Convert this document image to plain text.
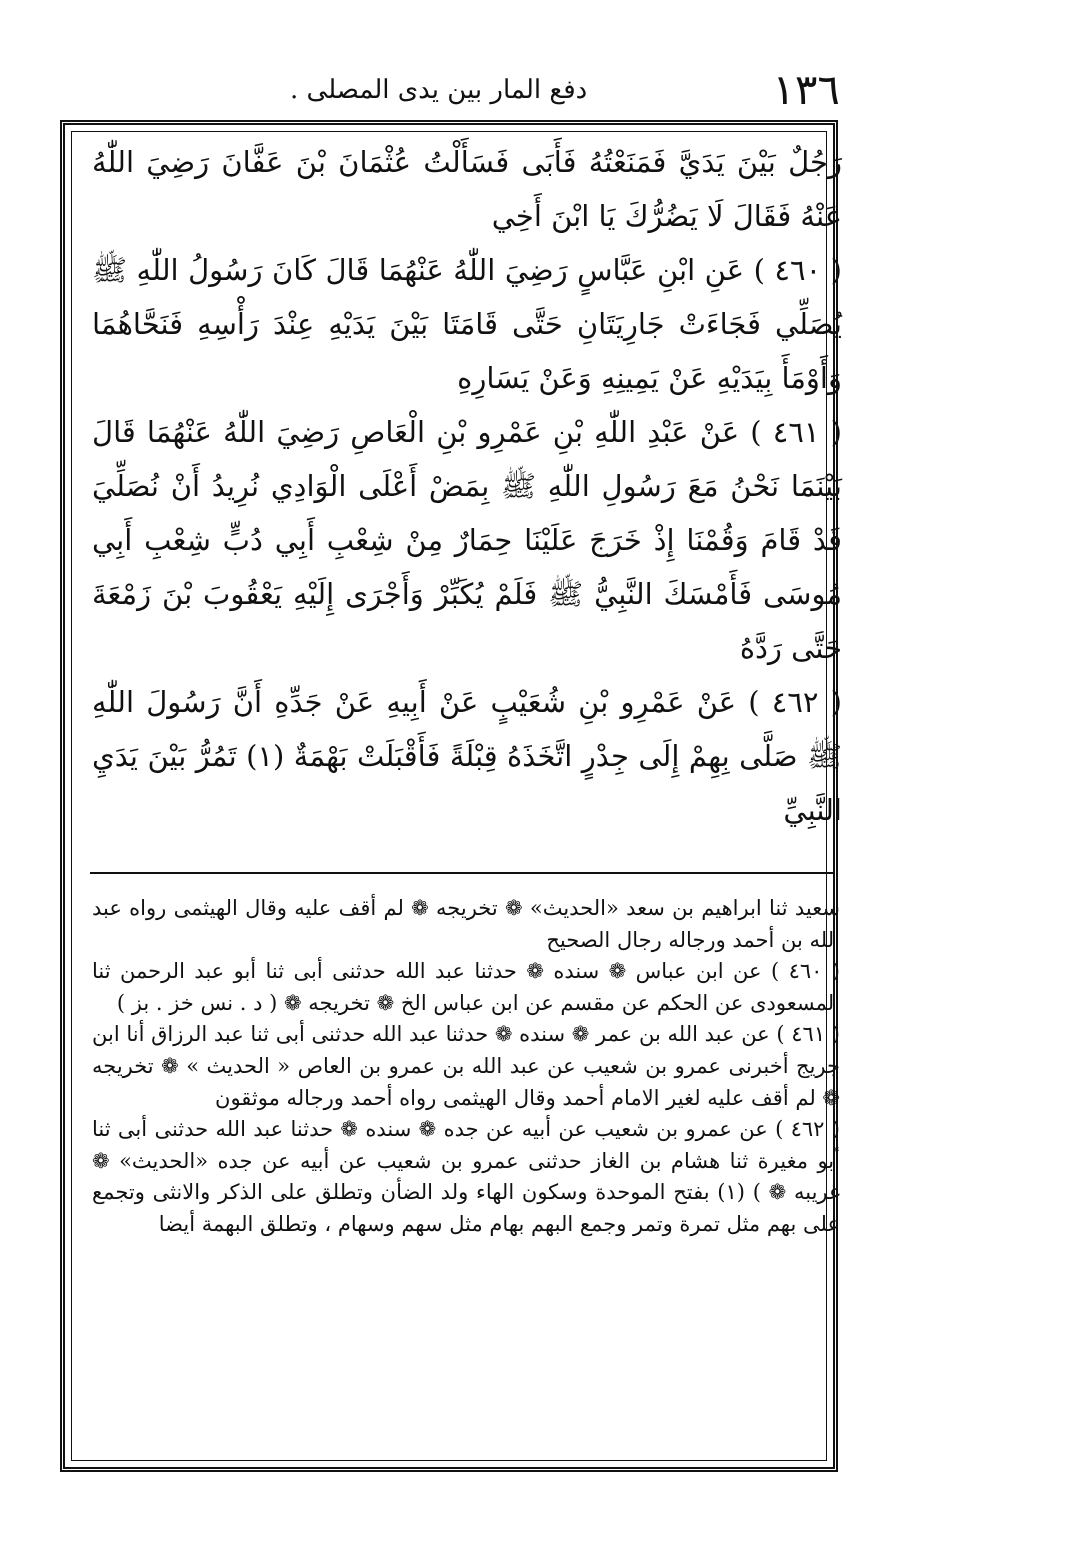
دفع المار بين يدى المصلى .	١٣٦

رَجُلٌ بَيْنَ يَدَيَّ فَمَنَعْتُهُ فَأَبَى فَسَأَلْتُ عُثْمَانَ بْنَ عَفَّانَ رَضِيَ اللّٰهُ عَنْهُ فَقَالَ لَا يَضُرُّكَ يَا ابْنَ أَخِي

( ٤٦٠ ) عَنِ ابْنِ عَبَّاسٍ رَضِيَ اللّٰهُ عَنْهُمَا قَالَ كَانَ رَسُولُ اللّٰهِ ﷺ يُصَلِّي فَجَاءَتْ جَارِيَتَانِ حَتَّى قَامَتَا بَيْنَ يَدَيْهِ عِنْدَ رَأْسِهِ فَنَحَّاهُمَا وَأَوْمَأَ بِيَدَيْهِ عَنْ يَمِينِهِ وَعَنْ يَسَارِهِ

( ٤٦١ ) عَنْ عَبْدِ اللّٰهِ بْنِ عَمْرِو بْنِ الْعَاصِ رَضِيَ اللّٰهُ عَنْهُمَا قَالَ بَيْنَمَا نَحْنُ مَعَ رَسُولِ اللّٰهِ ﷺ بِمَضْ أَعْلَى الْوَادِي نُرِيدُ أَنْ نُصَلِّيَ قَدْ قَامَ وَقُمْنَا إِذْ خَرَجَ عَلَيْنَا حِمَارٌ مِنْ شِعْبِ أَبِي دُبٍّ شِعْبِ أَبِي مُوسَى فَأَمْسَكَ النَّبِيُّ ﷺ فَلَمْ يُكَبِّرْ وَأَجْرَى إِلَيْهِ يَعْقُوبَ بْنَ زَمْعَةَ حَتَّى رَدَّهُ

( ٤٦٢ ) عَنْ عَمْرِو بْنِ شُعَيْبٍ عَنْ أَبِيهِ عَنْ جَدِّهِ أَنَّ رَسُولَ اللّٰهِ ﷺ صَلَّى بِهِمْ إِلَى جِدْرٍ اتَّخَذَهُ قِبْلَةً فَأَقْبَلَتْ بَهْمَةٌ (١) تَمُرُّ بَيْنَ يَدَيِ النَّبِيِّ

سعيد ثنا ابراهيم بن سعد «الحديث» ❁ تخريجه ❁ لم أقف عليه وقال الهيثمى رواه عبد الله بن أحمد ورجاله رجال الصحيح

( ٤٦٠ ) عن ابن عباس ❁ سنده ❁ حدثنا عبد الله حدثنى أبى ثنا أبو عبد الرحمن ثنا المسعودى عن الحكم عن مقسم عن ابن عباس الخ ❁ تخريجه ❁ ( د . نس خز . بز )

( ٤٦١ ) عن عبد الله بن عمر ❁ سنده ❁ حدثنا عبد الله حدثنى أبى ثنا عبد الرزاق أنا ابن جريج أخبرنى عمرو بن شعيب عن عبد الله بن عمرو بن العاص « الحديث » ❁ تخريجه ❁ لم أقف عليه لغير الامام أحمد وقال الهيثمى رواه أحمد ورجاله موثقون

( ٤٦٢ ) عن عمرو بن شعيب عن أبيه عن جده ❁ سنده ❁ حدثنا عبد الله حدثنى أبى ثنا أبو مغيرة ثنا هشام بن الغاز حدثنى عمرو بن شعيب عن أبيه عن جده «الحديث» ❁ غريبه ❁ ) (١) بفتح الموحدة وسكون الهاء ولد الضأن وتطلق على الذكر والانثى وتجمع على بهم مثل تمرة وتمر وجمع البهم بهام مثل سهم وسهام ، وتطلق البهمة أيضا
